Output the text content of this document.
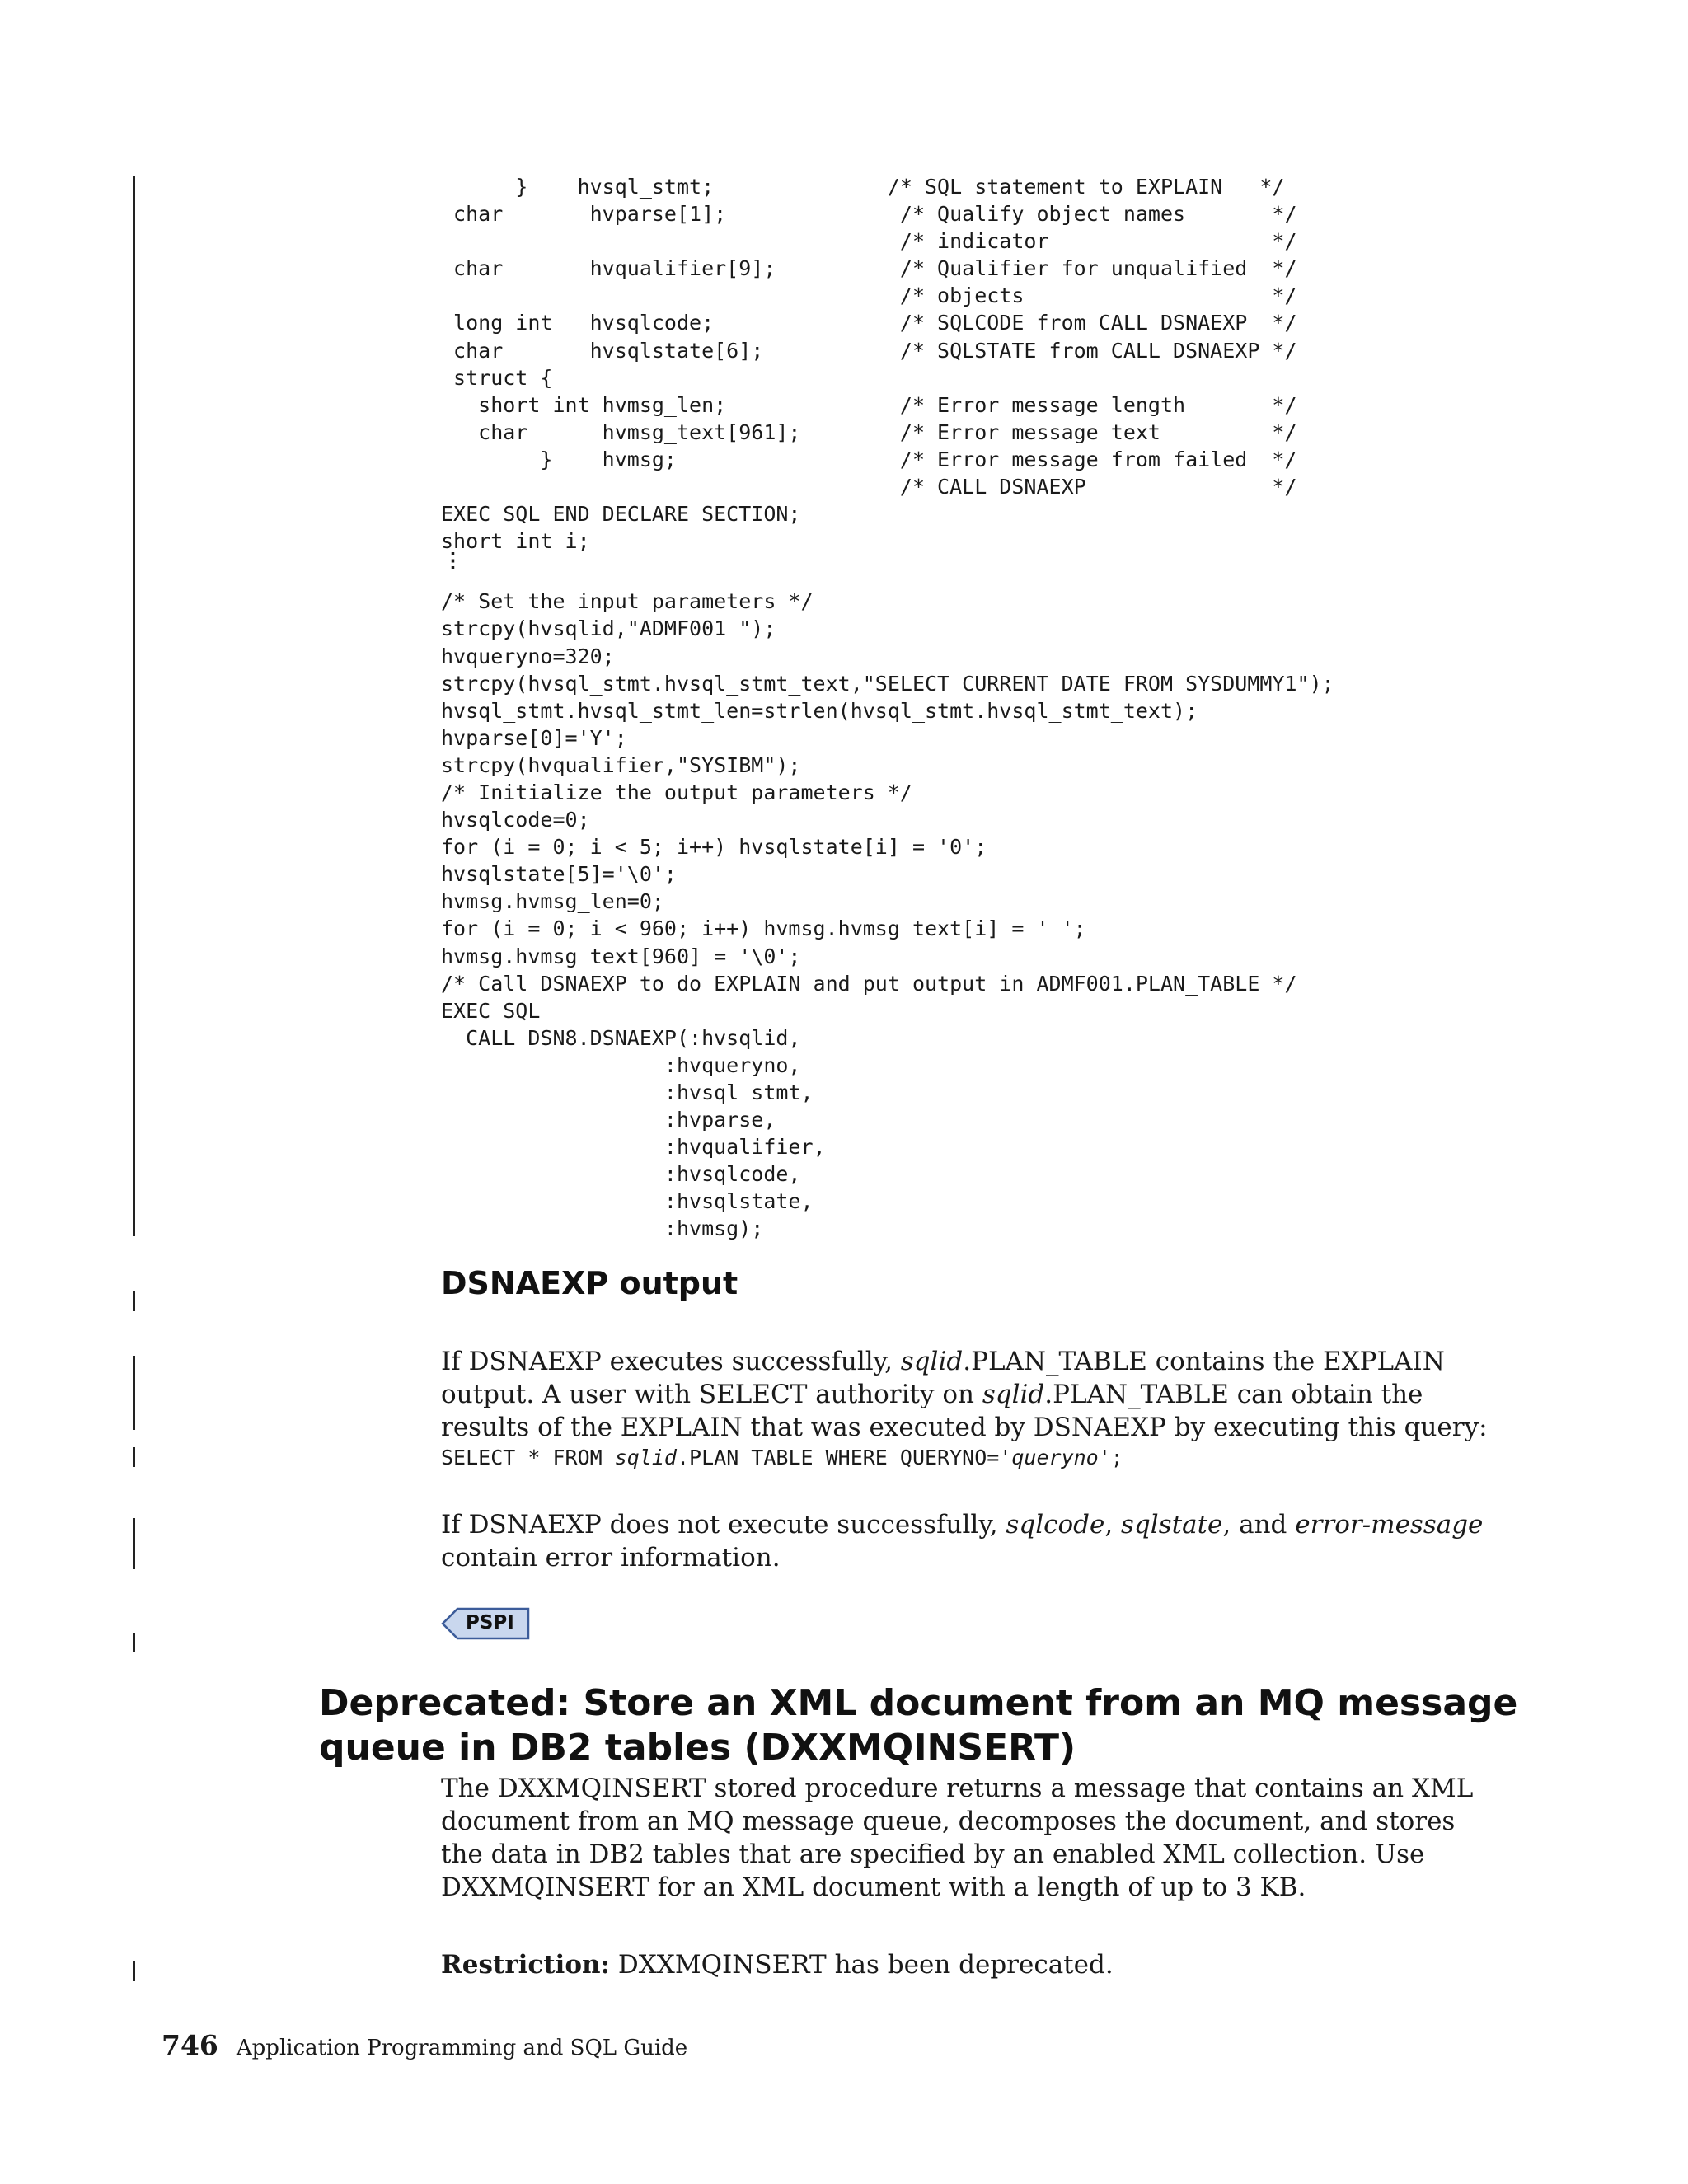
}    hvsql_stmt;              /* SQL statement to EXPLAIN   */
char       hvparse[1];              /* Qualify object names       */
/* indicator                  */
char       hvqualifier[9];          /* Qualifier for unqualified  */
/* objects                    */
long int   hvsqlcode;               /* SQLCODE from CALL DSNAEXP  */
char       hvsqlstate[6];           /* SQLSTATE from CALL DSNAEXP */
struct {
short int hvmsg_len;              /* Error message length       */
char      hvmsg_text[961];        /* Error message text         */
}    hvmsg;                  /* Error message from failed  */
/* CALL DSNAEXP               */
EXEC SQL END DECLARE SECTION;
short int i;
⋮
/* Set the input parameters */
strcpy(hvsqlid,"ADMF001 ");
hvqueryno=320;
strcpy(hvsql_stmt.hvsql_stmt_text,"SELECT CURRENT DATE FROM SYSDUMMY1");
hvsql_stmt.hvsql_stmt_len=strlen(hvsql_stmt.hvsql_stmt_text);
hvparse[0]='Y';
strcpy(hvqualifier,"SYSIBM");
/* Initialize the output parameters */
hvsqlcode=0;
for (i = 0; i < 5; i++) hvsqlstate[i] = '0';
hvsqlstate[5]='\0';
hvmsg.hvmsg_len=0;
for (i = 0; i < 960; i++) hvmsg.hvmsg_text[i] = ' ';
hvmsg.hvmsg_text[960] = '\0';
/* Call DSNAEXP to do EXPLAIN and put output in ADMF001.PLAN_TABLE */
EXEC SQL
CALL DSN8.DSNAEXP(:hvsqlid,
:hvqueryno,
:hvsql_stmt,
:hvparse,
:hvqualifier,
:hvsqlcode,
:hvsqlstate,
:hvmsg);
DSNAEXP output

If DSNAEXP executes successfully, sqlid.PLAN_TABLE contains the EXPLAIN output. A user with SELECT authority on sqlid.PLAN_TABLE can obtain the results of the EXPLAIN that was executed by DSNAEXP by executing this query:

SELECT * FROM sqlid.PLAN_TABLE WHERE QUERYNO='queryno';

If DSNAEXP does not execute successfully, sqlcode, sqlstate, and error-message contain error information.

PSPI
Deprecated: Store an XML document from an MQ message queue in DB2 tables (DXXMQINSERT)

The DXXMQINSERT stored procedure returns a message that contains an XML document from an MQ message queue, decomposes the document, and stores the data in DB2 tables that are specified by an enabled XML collection. Use DXXMQINSERT for an XML document with a length of up to 3 KB.

Restriction: DXXMQINSERT has been deprecated.

746 Application Programming and SQL Guide
